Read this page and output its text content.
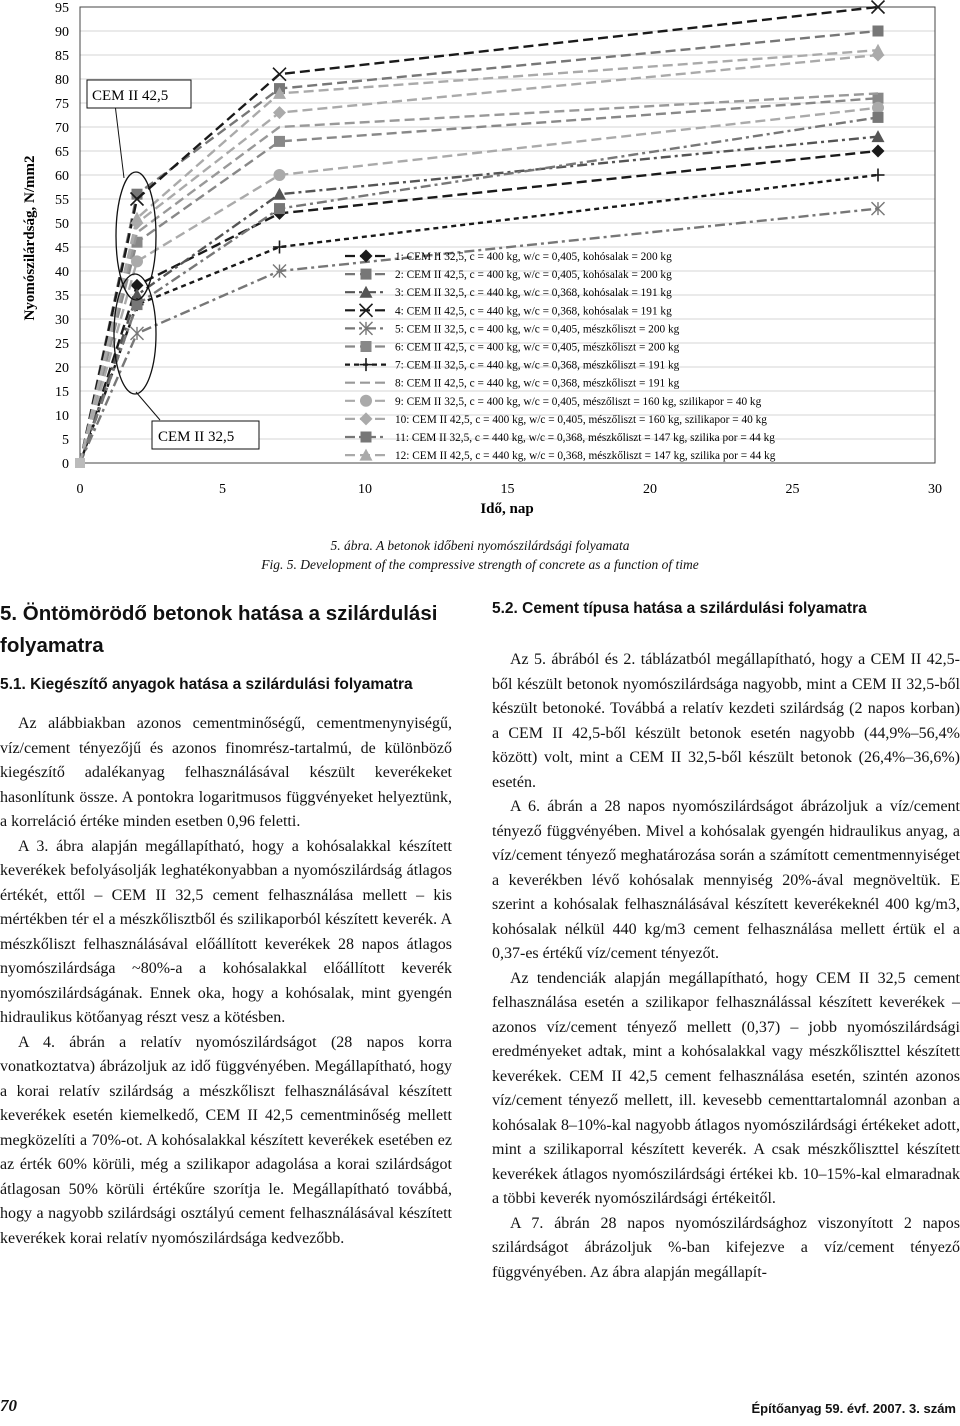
0
5
10
15
20
25
30
35
40
45
50
55
60
65
70
75
80
85
90
95
0	5	10	15	20	25	30
Nyomószilárdság, N/mm2
Idő, nap
CEM II 42,5
CEM II 32,5
1: CEM II 32,5, c = 400 kg, w/c = 0,405, kohósalak = 200 kg
2: CEM II 42,5, c = 400 kg, w/c = 0,405, kohósalak = 200 kg
3: CEM II 32,5, c = 440 kg, w/c = 0,368, kohósalak = 191 kg
4: CEM II 42,5, c = 440 kg, w/c = 0,368, kohósalak = 191 kg
5: CEM II 32,5, c = 400 kg, w/c = 0,405, mészkőliszt = 200 kg
6: CEM II 42,5, c = 400 kg, w/c = 0,405, mészkőliszt = 200 kg
7: CEM II 32,5, c = 440 kg, w/c = 0,368, mészkőliszt = 191 kg
8: CEM II 42,5, c = 440 kg, w/c = 0,368, mészkőliszt = 191 kg
9: CEM II 32,5, c = 400 kg, w/c = 0,405, mészőliszt = 160 kg, szilikapor = 40 kg
10: CEM II 42,5, c = 400 kg, w/c = 0,405, mészőliszt = 160 kg, szilikapor = 40 kg
11: CEM II 32,5, c = 440 kg, w/c = 0,368, mészkőliszt = 147 kg, szilika por = 44 kg
12: CEM II 42,5, c = 440 kg, w/c = 0,368, mészkőliszt = 147 kg, szilika por = 44 kg
5. ábra. A betonok időbeni nyomószilárdsági folyamata
Fig. 5. Development of the compressive strength of concrete as a function of time
5. Öntömörödő betonok hatása a szilárdulási folyamatra
5.1. Kiegészítő anyagok hatása a szilárdulási folyamatra

Az alábbiakban azonos cementminőségű, cementmenynyiségű, víz/cement tényezőjű és azonos finomrész-tartalmú, de különböző kiegészítő adalékanyag felhasználásával készült keverékeket hasonlítunk össze. A pontokra logaritmusos függvényeket helyeztünk, a korreláció értéke minden esetben 0,96 feletti.

A 3. ábra alapján megállapítható, hogy a kohósalakkal készített keverékek befolyásolják leghatékonyabban a nyomószilárdság átlagos értékét, ettől – CEM II 32,5 cement felhasználása mellett – kis mértékben tér el a mészkőlisztből és szilikaporból készített keverék. A mészkőliszt felhasználásával előállított keverékek 28 napos átlagos nyomószilárdsága ~80%-a a kohósalakkal előállított keverék nyomószilárdságának. Ennek oka, hogy a kohósalak, mint gyengén hidraulikus kötőanyag részt vesz a kötésben.

A 4. ábrán a relatív nyomószilárdságot (28 napos korra vonatkoztatva) ábrázoljuk az idő függvényében. Megállapítható, hogy a korai relatív szilárdság a mészkőliszt felhasználásával készített keverékek esetén kiemelkedő, CEM II 42,5 cementminőség mellett megközelíti a 70%-ot. A kohósalakkal készített keverékek esetében ez az érték 60% körüli, még a szilikapor adagolása a korai szilárdságot átlagosan 50% körüli értékűre szorítja le. Megállapítható továbbá, hogy a nagyobb szilárdsági osztályú cement felhasználásával készített keverékek korai relatív nyomószilárdsága kedvezőbb.

5.2. Cement típusa hatása a szilárdulási folyamatra

Az 5. ábrából és 2. táblázatból megállapítható, hogy a CEM II 42,5-ből készült betonok nyomószilárdsága nagyobb, mint a CEM II 32,5-ből készült betonoké. Továbbá a relatív kezdeti szilárdság (2 napos korban) a CEM II 42,5-ből készült betonok esetén nagyobb (44,9%–56,4% között) volt, mint a CEM II 32,5-ből készült betonok (26,4%–36,6%) esetén.

A 6. ábrán a 28 napos nyomószilárdságot ábrázoljuk a víz/cement tényező függvényében. Mivel a kohósalak gyengén hidraulikus anyag, a víz/cement tényező meghatározása során a számított cementmennyiséget a keverékben lévő kohósalak mennyiség 20%-ával megnöveltük. E szerint a kohósalak felhasználásával készített keverékeknél 400 kg/m3, kohósalak nélkül 440 kg/m3 cement felhasználása mellett értük el a 0,37-es értékű víz/cement tényezőt.

Az tendenciák alapján megállapítható, hogy CEM II 32,5 cement felhasználása esetén a szilikapor felhasználással készített keverékek – azonos víz/cement tényező mellett (0,37) – jobb nyomószilárdsági eredményeket adtak, mint a kohósalakkal vagy mészkőliszttel készített keverékek. CEM II 42,5 cement felhasználása esetén, szintén azonos víz/cement tényező mellett, ill. kevesebb cementtartalomnál azonban a kohósalak 8–10%-kal nagyobb átlagos nyomószilárdsági értékeket adott, mint a szilikaporral készített keverék. A csak mészkőliszttel készített keverékek átlagos nyomószilárdsági értékei kb. 10–15%-kal elmaradnak a többi keverék nyomószilárdsági értékeitől.

A 7. ábrán 28 napos nyomószilárdsághoz viszonyított 2 napos szilárdságot ábrázoljuk %-ban kifejezve a víz/cement tényező függvényében. Az ábra alapján megállapít-

70	Építőanyag 59. évf. 2007. 3. szám
